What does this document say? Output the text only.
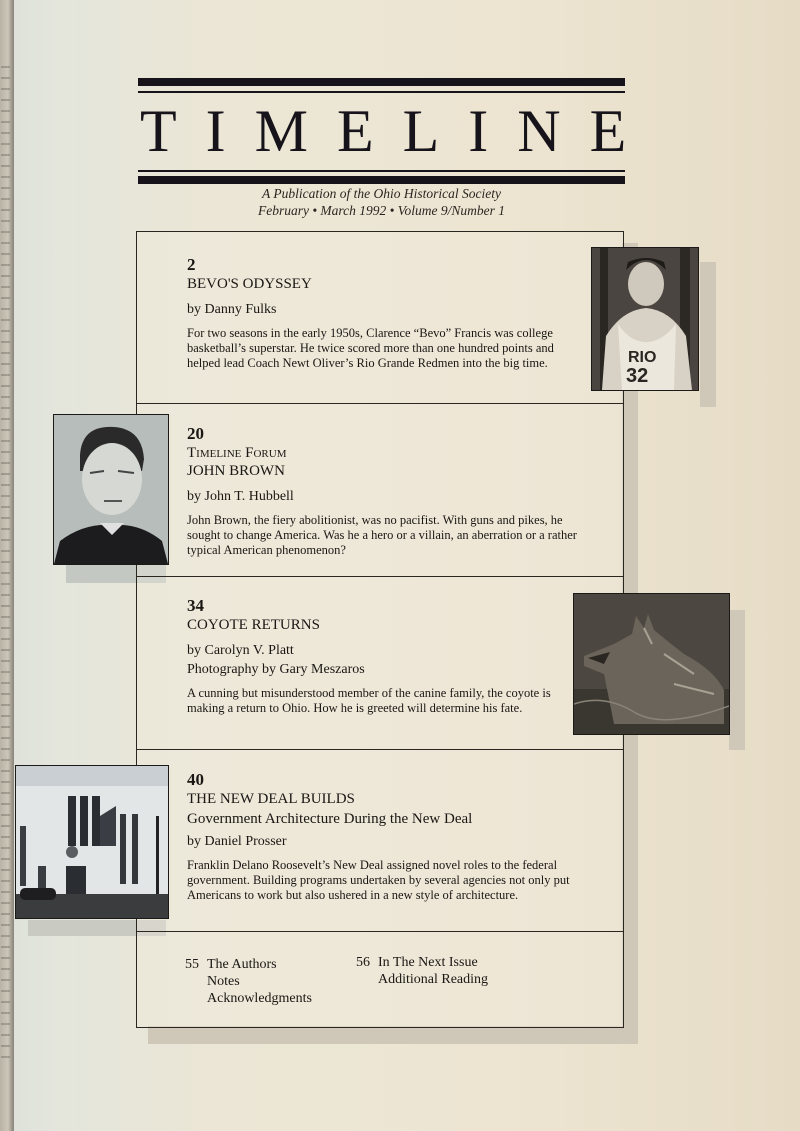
TIMELINE
A Publication of the Ohio Historical Society
February • March 1992 • Volume 9/Number 1
2
BEVO'S ODYSSEY
by Danny Fulks
For two seasons in the early 1950s, Clarence “Bevo” Francis was college basketball’s superstar. He twice scored more than one hundred points and helped lead Coach Newt Oliver’s Rio Grande Redmen into the big time.
20
Timeline Forum
JOHN BROWN
by John T. Hubbell
John Brown, the fiery abolitionist, was no pacifist. With guns and pikes, he sought to change America. Was he a hero or a villain, an aberration or a rather typical American phenomenon?
34
COYOTE RETURNS
by Carolyn V. Platt
Photography by Gary Meszaros
A cunning but misunderstood member of the canine family, the coyote is making a return to Ohio. How he is greeted will determine his fate.
40
THE NEW DEAL BUILDS
Government Architecture During the New Deal
by Daniel Prosser
Franklin Delano Roosevelt’s New Deal assigned novel roles to the federal government. Building programs undertaken by several agencies not only put Americans to work but also ushered in a new style of architecture.
55 The Authors
Notes
Acknowledgments
56 In The Next Issue
Additional Reading
RIO
32
